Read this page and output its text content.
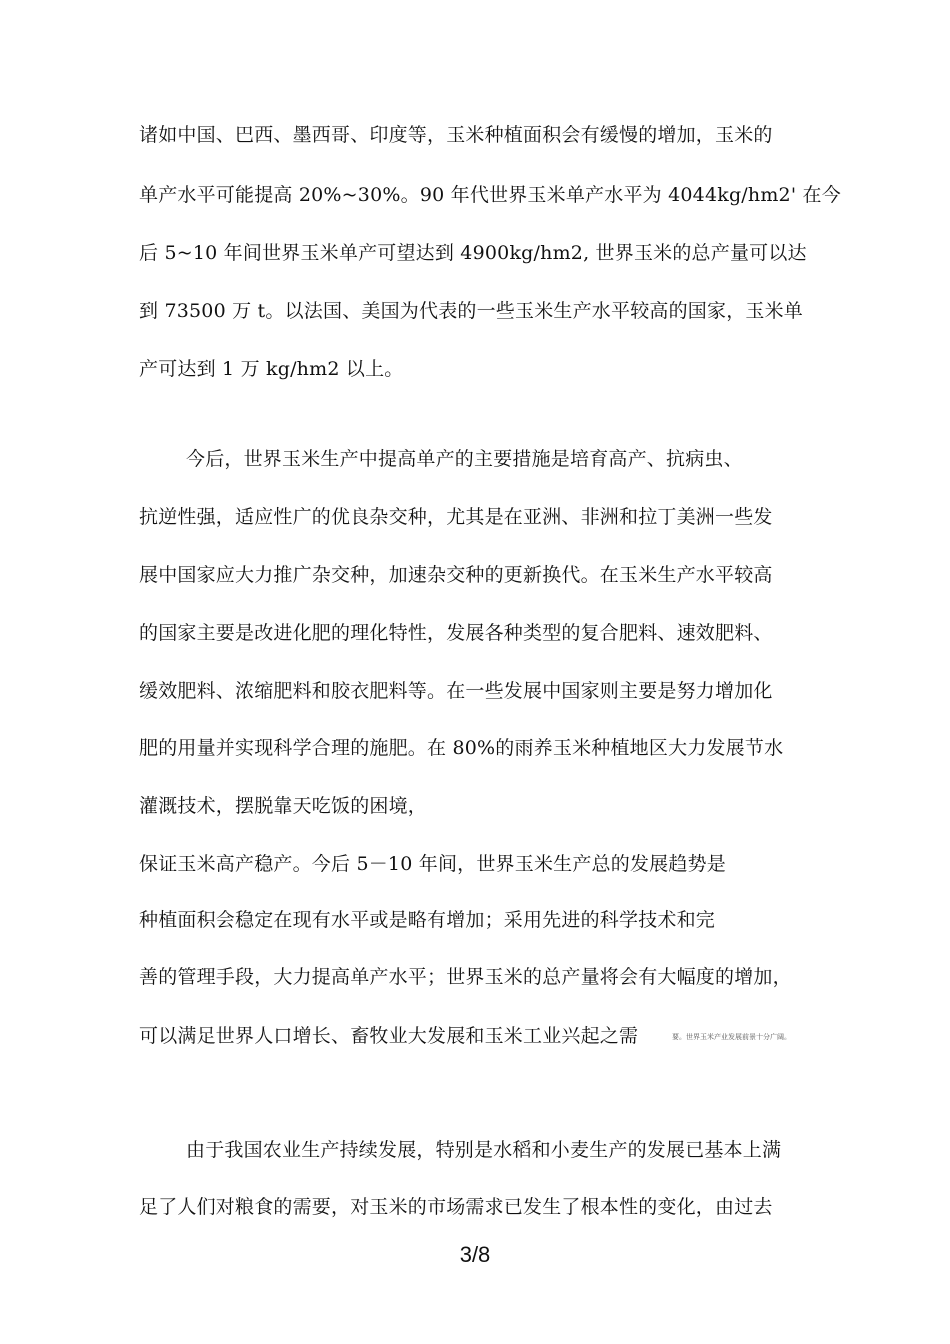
诸如中国、巴西、墨西哥、印度等，玉米种植面积会有缓慢的增加，玉米的
单产水平可能提高 20%~30%。90 年代世界玉米单产水平为 4044kg/hm2' 在今
后 5~10 年间世界玉米单产可望达到 4900kg/hm2, 世界玉米的总产量可以达
到 73500 万 t。以法国、美国为代表的一些玉米生产水平较高的国家，玉米单
产可达到 1 万 kg/hm2 以上。
今后，世界玉米生产中提高单产的主要措施是培育高产、抗病虫、
抗逆性强，适应性广的优良杂交种，尤其是在亚洲、非洲和拉丁美洲一些发
展中国家应大力推广杂交种，加速杂交种的更新换代。在玉米生产水平较高
的国家主要是改进化肥的理化特性，发展各种类型的复合肥料、速效肥料、
缓效肥料、浓缩肥料和胶衣肥料等。在一些发展中国家则主要是努力增加化
肥的用量并实现科学合理的施肥。在 80%的雨养玉米种植地区大力发展节水
灌溉技术，摆脱靠天吃饭的困境，
保证玉米高产稳产。今后 5－10 年间，世界玉米生产总的发展趋势是
种植面积会稳定在现有水平或是略有增加；采用先进的科学技术和完
善的管理手段，大力提高单产水平；世界玉米的总产量将会有大幅度的增加，
可以满足世界人口增长、畜牧业大发展和玉米工业兴起之需	要。世界玉米产业发展前景十分广阔。
由于我国农业生产持续发展，特别是水稻和小麦生产的发展已基本上满
足了人们对粮食的需要，对玉米的市场需求已发生了根本性的变化，由过去
3/8
